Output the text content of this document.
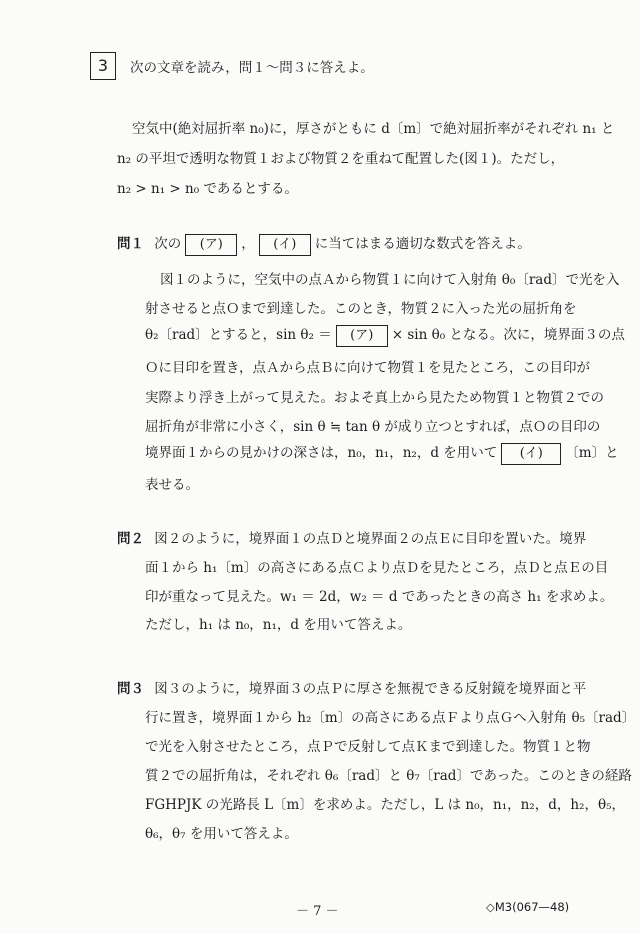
3	次の文章を読み，問１～問３に答えよ。
空気中(絶対屈折率 n₀)に，厚さがともに d〔m〕で絶対屈折率がそれぞれ n₁ と
n₂ の平坦で透明な物質１および物質２を重ねて配置した(図１)。ただし，
n₂ > n₁ > n₀ であるとする。
問１ 次の (ア) ， (イ) に当てはまる適切な数式を答えよ。
図１のように，空気中の点Ａから物質１に向けて入射角 θ₀〔rad〕で光を入
射させると点Ｏまで到達した。このとき，物質２に入った光の屈折角を
θ₂〔rad〕とすると，sin θ₂ ＝ (ア) × sin θ₀ となる。次に，境界面３の点
Ｏに目印を置き，点Ａから点Ｂに向けて物質１を見たところ，この目印が
実際より浮き上がって見えた。およそ真上から見たため物質１と物質２での
屈折角が非常に小さく，sin θ ≒ tan θ が成り立つとすれば，点Ｏの目印の
境界面１からの見かけの深さは，n₀，n₁，n₂，d を用いて (イ) 〔m〕と
表せる。
問２ 図２のように，境界面１の点Ｄと境界面２の点Ｅに目印を置いた。境界
面１から h₁〔m〕の高さにある点Ｃより点Ｄを見たところ，点Ｄと点Ｅの目
印が重なって見えた。w₁ ＝ 2d，w₂ ＝ d であったときの高さ h₁ を求めよ。
ただし，h₁ は n₀，n₁，d を用いて答えよ。
問３ 図３のように，境界面３の点Ｐに厚さを無視できる反射鏡を境界面と平
行に置き，境界面１から h₂〔m〕の高さにある点Ｆより点Ｇへ入射角 θ₅〔rad〕
で光を入射させたところ，点Ｐで反射して点Ｋまで到達した。物質１と物
質２での屈折角は，それぞれ θ₆〔rad〕と θ₇〔rad〕であった。このときの経路
FGHPJK の光路長 L〔m〕を求めよ。ただし，L は n₀，n₁，n₂，d，h₂，θ₅，
θ₆，θ₇ を用いて答えよ。
－ 7 －	◇M3(067—48)
